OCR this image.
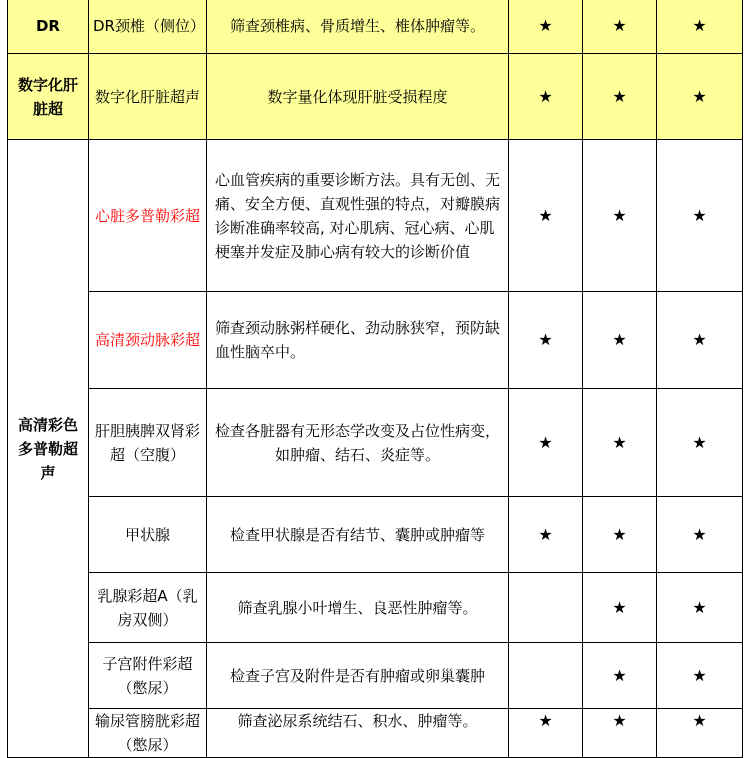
DR	DR颈椎（侧位）	筛查颈椎病、骨质增生、椎体肿瘤等。	★	★	★
数字化肝脏超	数字化肝脏超声	数字量化体现肝脏受损程度	★	★	★
高清彩色多普勒超声	心脏多普勒彩超	心血管疾病的重要诊断方法。具有无创、无痛、安全方便、直观性强的特点，对瓣膜病诊断准确率较高, 对心肌病、冠心病、心肌梗塞并发症及肺心病有较大的诊断价值	★	★	★
	高清颈动脉彩超	筛查颈动脉粥样硬化、劲动脉狭窄，预防缺血性脑卒中。	★	★	★
	肝胆胰脾双肾彩超（空腹）	检查各脏器有无形态学改变及占位性病变，如肿瘤、结石、炎症等。	★	★	★
	甲状腺	检查甲状腺是否有结节、囊肿或肿瘤等	★	★	★
	乳腺彩超A（乳房双侧）	筛查乳腺小叶增生、良恶性肿瘤等。		★	★
	子宫附件彩超（憋尿）	检查子宫及附件是否有肿瘤或卵巢囊肿		★	★
	输尿管膀胱彩超（憋尿）	筛查泌尿系统结石、积水、肿瘤等。	★	★	★
